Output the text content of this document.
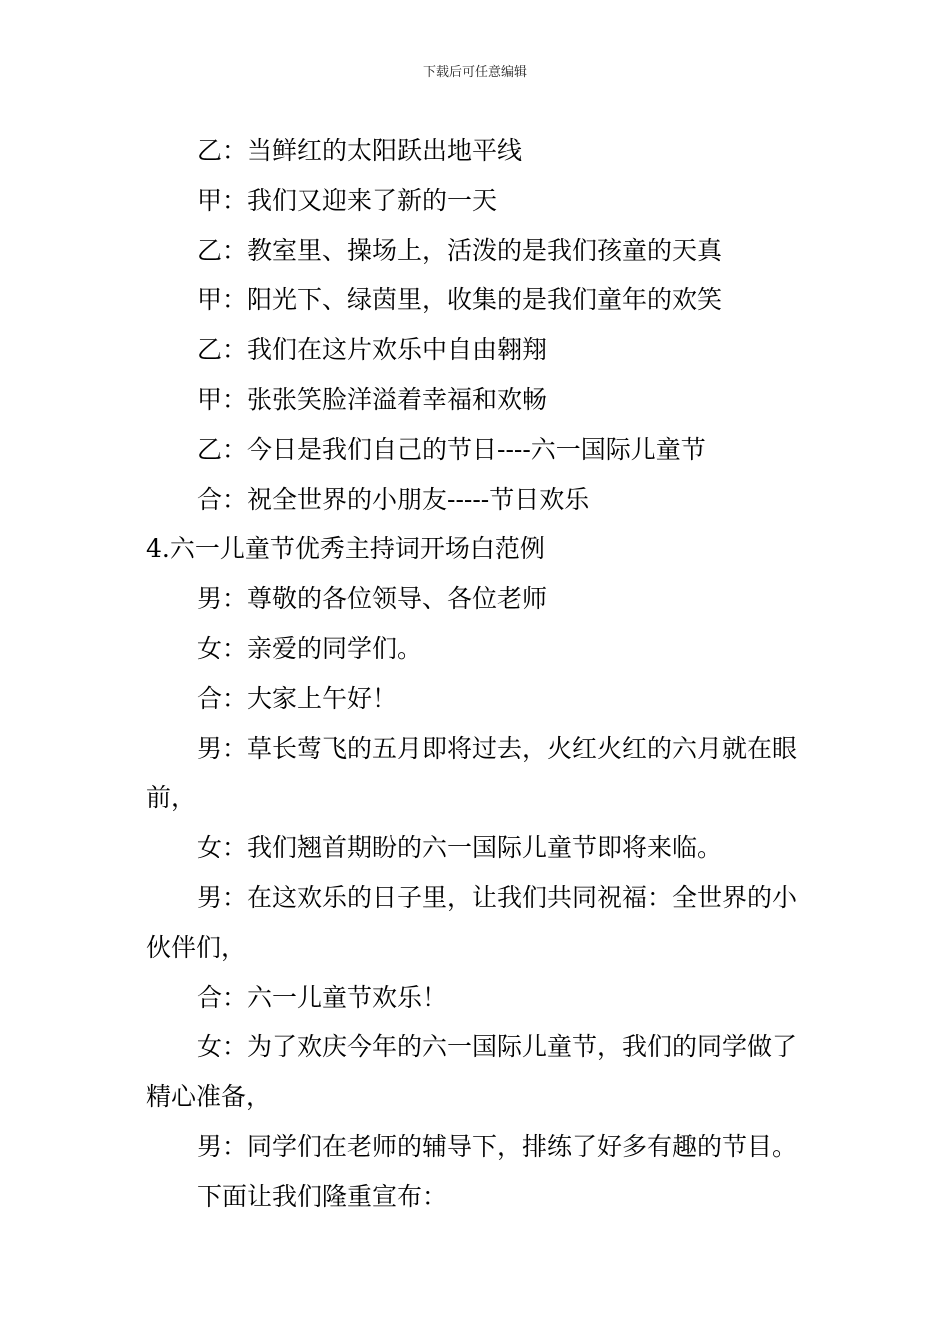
下载后可任意编辑

乙：当鲜红的太阳跃出地平线

甲：我们又迎来了新的一天

乙：教室里、操场上，活泼的是我们孩童的天真

甲：阳光下、绿茵里，收集的是我们童年的欢笑

乙：我们在这片欢乐中自由翱翔

甲：张张笑脸洋溢着幸福和欢畅

乙：今日是我们自己的节日----六一国际儿童节

合：祝全世界的小朋友-----节日欢乐

4.六一儿童节优秀主持词开场白范例

男：尊敬的各位领导、各位老师

女：亲爱的同学们。

合：大家上午好！

男：草长莺飞的五月即将过去，火红火红的六月就在眼前，

女：我们翘首期盼的六一国际儿童节即将来临。

男：在这欢乐的日子里，让我们共同祝福：全世界的小伙伴们，

合：六一儿童节欢乐！

女：为了欢庆今年的六一国际儿童节，我们的同学做了精心准备，

男：同学们在老师的辅导下，排练了好多有趣的节目。

下面让我们隆重宣布：
